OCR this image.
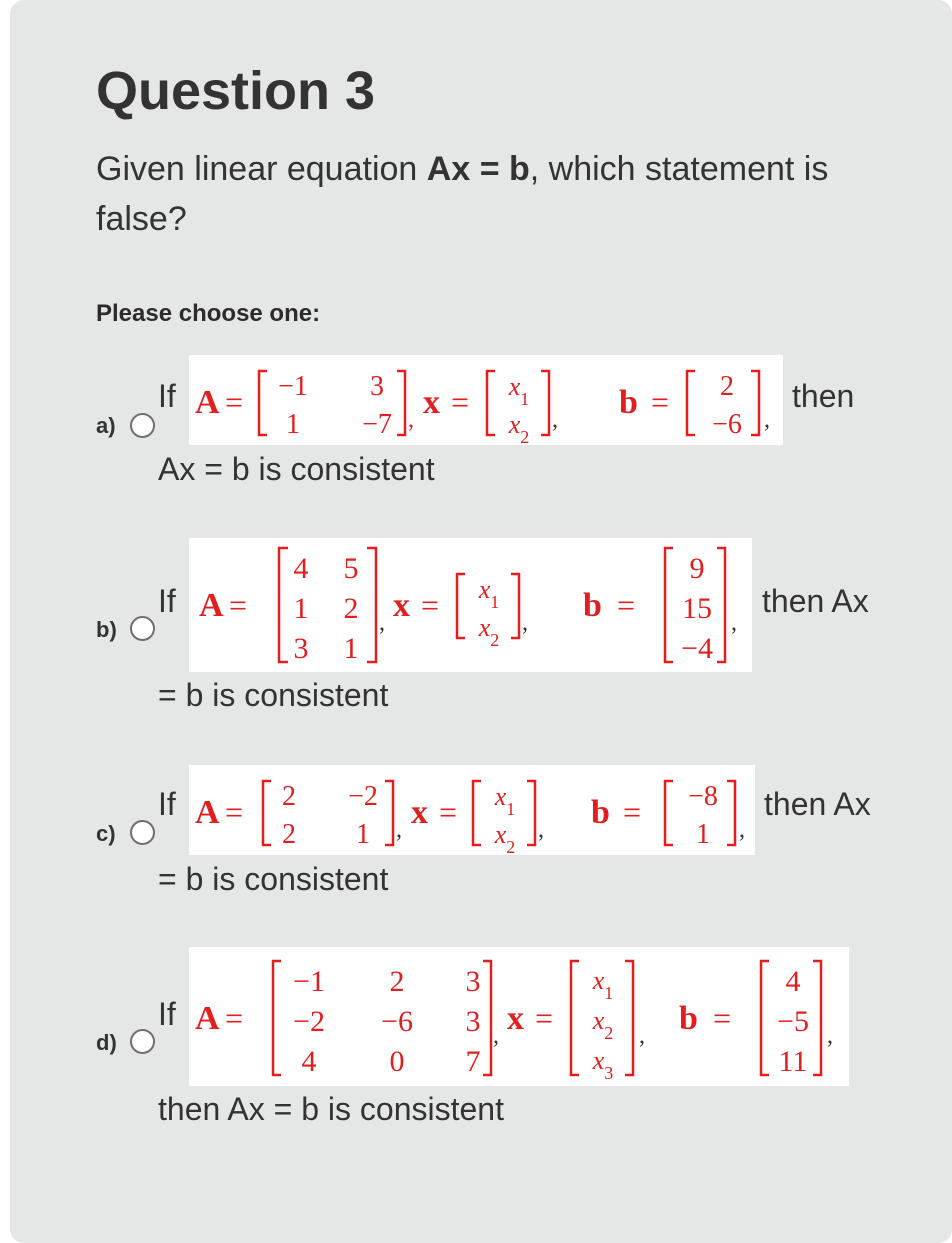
Question 3

Given linear equation Ax = b, which statement is false?

Please choose one:

a)
If A = −1 3
1 −7 , $x = x_1$
$x_2$
, b = 2
−6 ,
then
Ax = b is consistent
b)
If A =
4 5
1 2
3 1
, $x = x_1$
$x_2$
, b =
9
15
−4
,
then Ax
= b is consistent
c)
If A = 2 −2
2 1 , $x = x_1$
$x_2$
, b = −8
1 ,
then Ax
= b is consistent
d)
If A =
−1 2 3
−2 −6 3
4 0 7
, x =
$x_1$
$x_2$
$x_3$
, b =
4
−5
11
,
then Ax = b is consistent
